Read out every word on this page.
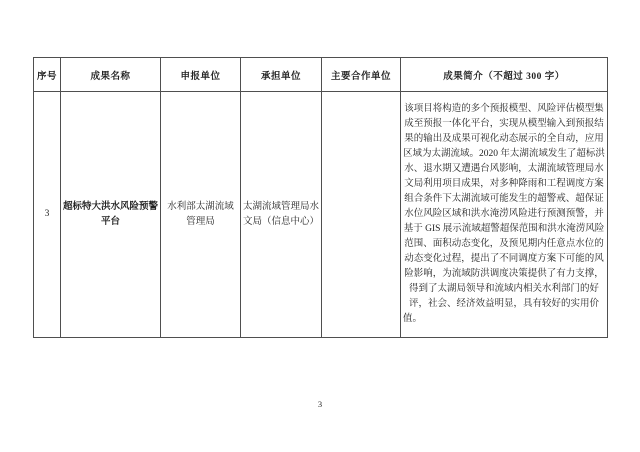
序号	成果名称	申报单位	承担单位	主要合作单位	成果简介（不超过 300 字）
3	超标特大洪水风险预警平台	水利部太湖流域管理局	太湖流域管理局水文局（信息中心）		该项目将构造的多个预报模型、风险评估模型集成至预报一体化平台，实现从模型输入到预报结果的输出及成果可视化动态展示的全自动，应用区域为太湖流域。2020 年太湖流域发生了超标洪水、退水期又遭遇台风影响，太湖流域管理局水文局利用项目成果，对多种降雨和工程调度方案组合条件下太湖流域可能发生的超警戒、超保证水位风险区域和洪水淹涝风险进行预测预警，并基于 GIS 展示流域超警超保范围和洪水淹涝风险范围、面积动态变化，及预见期内任意点水位的动态变化过程，提出了不同调度方案下可能的风险影响，为流域防洪调度决策提供了有力支撑，得到了太湖局领导和流域内相关水利部门的好评，社会、经济效益明显，具有较好的实用价值。
3
